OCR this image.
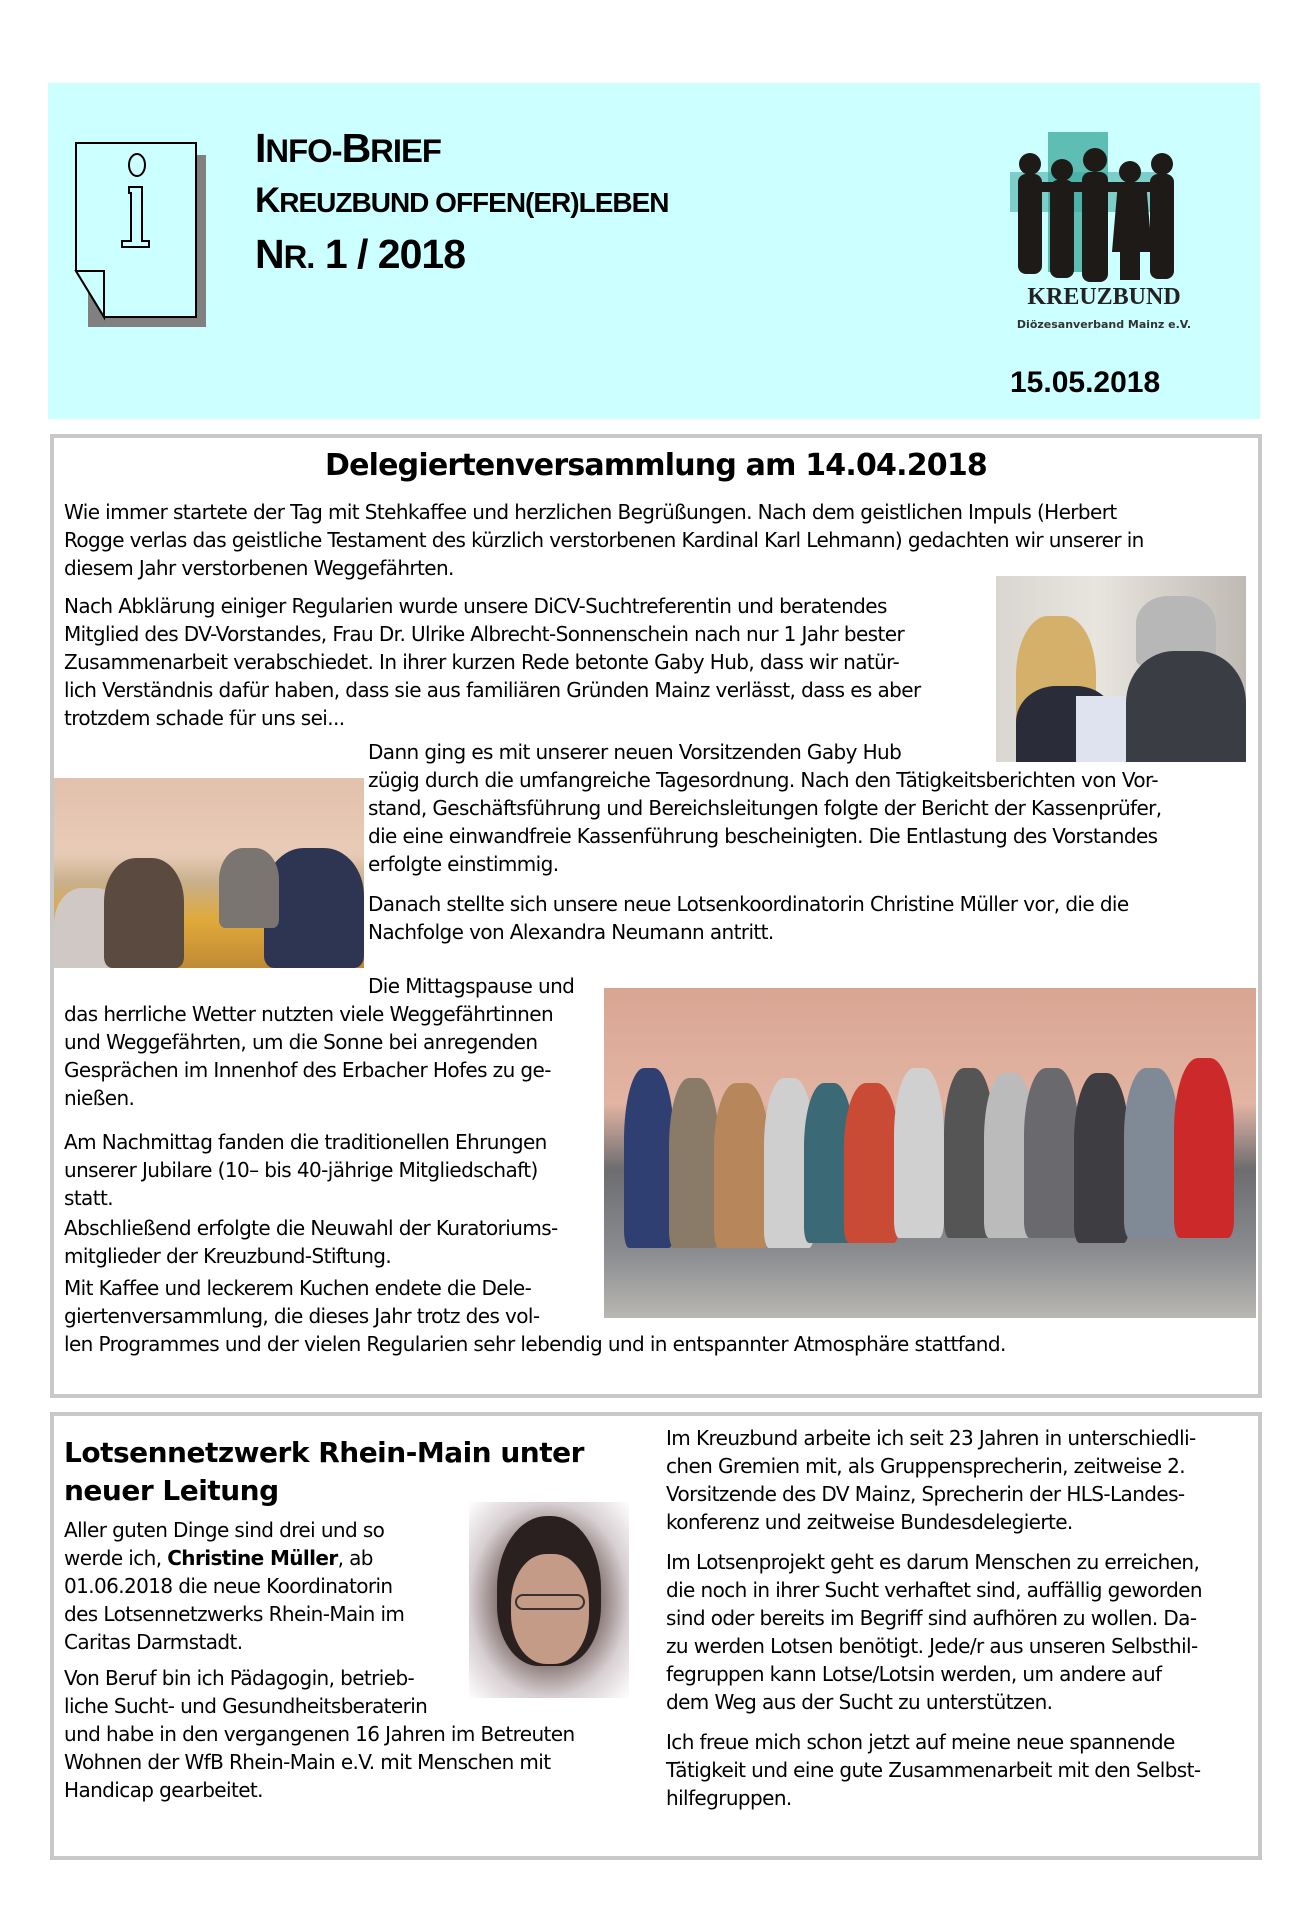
INFO-BRIEF
KREUZBUND OFFEN(ER)LEBEN
NR. 1 / 2018
KREUZBUND
Diözesanverband Mainz e.V.
15.05.2018
Delegiertenversammlung am 14.04.2018
Wie immer startete der Tag mit Stehkaffee und herzlichen Begrüßungen. Nach dem geistlichen Impuls (Herbert
Rogge verlas das geistliche Testament des kürzlich verstorbenen Kardinal Karl Lehmann) gedachten wir unserer in
diesem Jahr verstorbenen Weggefährten.
Nach Abklärung einiger Regularien wurde unsere DiCV-Suchtreferentin und beratendes
Mitglied des DV-Vorstandes, Frau Dr. Ulrike Albrecht-Sonnenschein nach nur 1 Jahr bester
Zusammenarbeit verabschiedet. In ihrer kurzen Rede betonte Gaby Hub, dass wir natür-
lich Verständnis dafür haben, dass sie aus familiären Gründen Mainz verlässt, dass es aber
trotzdem schade für uns sei...
Dann ging es mit unserer neuen Vorsitzenden Gaby Hub
zügig durch die umfangreiche Tagesordnung. Nach den Tätigkeitsberichten von Vor-
stand, Geschäftsführung und Bereichsleitungen folgte der Bericht der Kassenprüfer,
die eine einwandfreie Kassenführung bescheinigten. Die Entlastung des Vorstandes
erfolgte einstimmig.
Danach stellte sich unsere neue Lotsenkoordinatorin Christine Müller vor, die die
Nachfolge von Alexandra Neumann antritt.
Die Mittagspause und
das herrliche Wetter nutzten viele Weggefährtinnen
und Weggefährten, um die Sonne bei anregenden
Gesprächen im Innenhof des Erbacher Hofes zu ge-
nießen.
Am Nachmittag fanden die traditionellen Ehrungen
unserer Jubilare (10– bis 40-jährige Mitgliedschaft)
statt.
Abschließend erfolgte die Neuwahl der Kuratoriums-
mitglieder der Kreuzbund-Stiftung.
Mit Kaffee und leckerem Kuchen endete die Dele-
giertenversammlung, die dieses Jahr trotz des vol-
len Programmes und der vielen Regularien sehr lebendig und in entspannter Atmosphäre stattfand.
Lotsennetzwerk Rhein-Main unter
neuer Leitung
Aller guten Dinge sind drei und so
werde ich, Christine Müller, ab
01.06.2018 die neue Koordinatorin
des Lotsennetzwerks Rhein-Main im
Caritas Darmstadt.
Von Beruf bin ich Pädagogin, betrieb-
liche Sucht- und Gesundheitsberaterin
und habe in den vergangenen 16 Jahren im Betreuten
Wohnen der WfB Rhein-Main e.V. mit Menschen mit
Handicap gearbeitet.
Im Kreuzbund arbeite ich seit 23 Jahren in unterschiedli-
chen Gremien mit, als Gruppensprecherin, zeitweise 2.
Vorsitzende des DV Mainz, Sprecherin der HLS-Landes-
konferenz und zeitweise Bundesdelegierte.
Im Lotsenprojekt geht es darum Menschen zu erreichen,
die noch in ihrer Sucht verhaftet sind, auffällig geworden
sind oder bereits im Begriff sind aufhören zu wollen. Da-
zu werden Lotsen benötigt. Jede/r aus unseren Selbsthil-
fegruppen kann Lotse/Lotsin werden, um andere auf
dem Weg aus der Sucht zu unterstützen.
Ich freue mich schon jetzt auf meine neue spannende
Tätigkeit und eine gute Zusammenarbeit mit den Selbst-
hilfegruppen.
